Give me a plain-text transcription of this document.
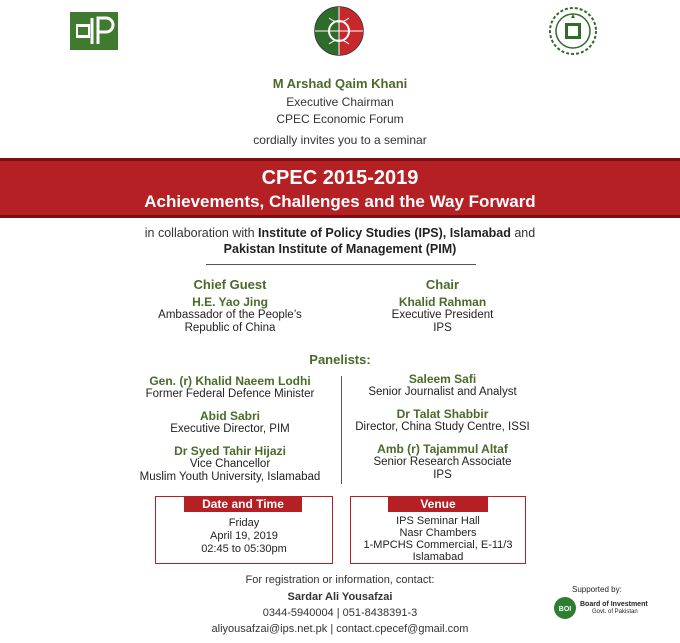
M Arshad Qaim Khani
Executive Chairman
CPEC Economic Forum
cordially invites you to a seminar
CPEC 2015-2019
Achievements, Challenges and the Way Forward
in collaboration with Institute of Policy Studies (IPS), Islamabad and
Pakistan Institute of Management (PIM)
Chief Guest
H.E. Yao Jing
Ambassador of the People’s
Republic of China
Chair
Khalid Rahman
Executive President
IPS
Panelists:
Gen. (r) Khalid Naeem Lodhi
Former Federal Defence Minister
Abid Sabri
Executive Director, PIM
Dr Syed Tahir Hijazi
Vice Chancellor
Muslim Youth University, Islamabad
Saleem Safi
Senior Journalist and Analyst
Dr Talat Shabbir
Director, China Study Centre, ISSI
Amb (r) Tajammul Altaf
Senior Research Associate
IPS
Date and Time
Friday
April 19, 2019
02:45 to 05:30pm
Venue
IPS Seminar Hall
Nasr Chambers
1-MPCHS Commercial, E-11/3
Islamabad
For registration or information, contact:
Sardar Ali Yousafzai
0344-5940004 | 051-8438391-3
aliyousafzai@ips.net.pk | contact.cpecef@gmail.com
Supported by:
BOI
Board of Investment
Govt. of Pakistan
